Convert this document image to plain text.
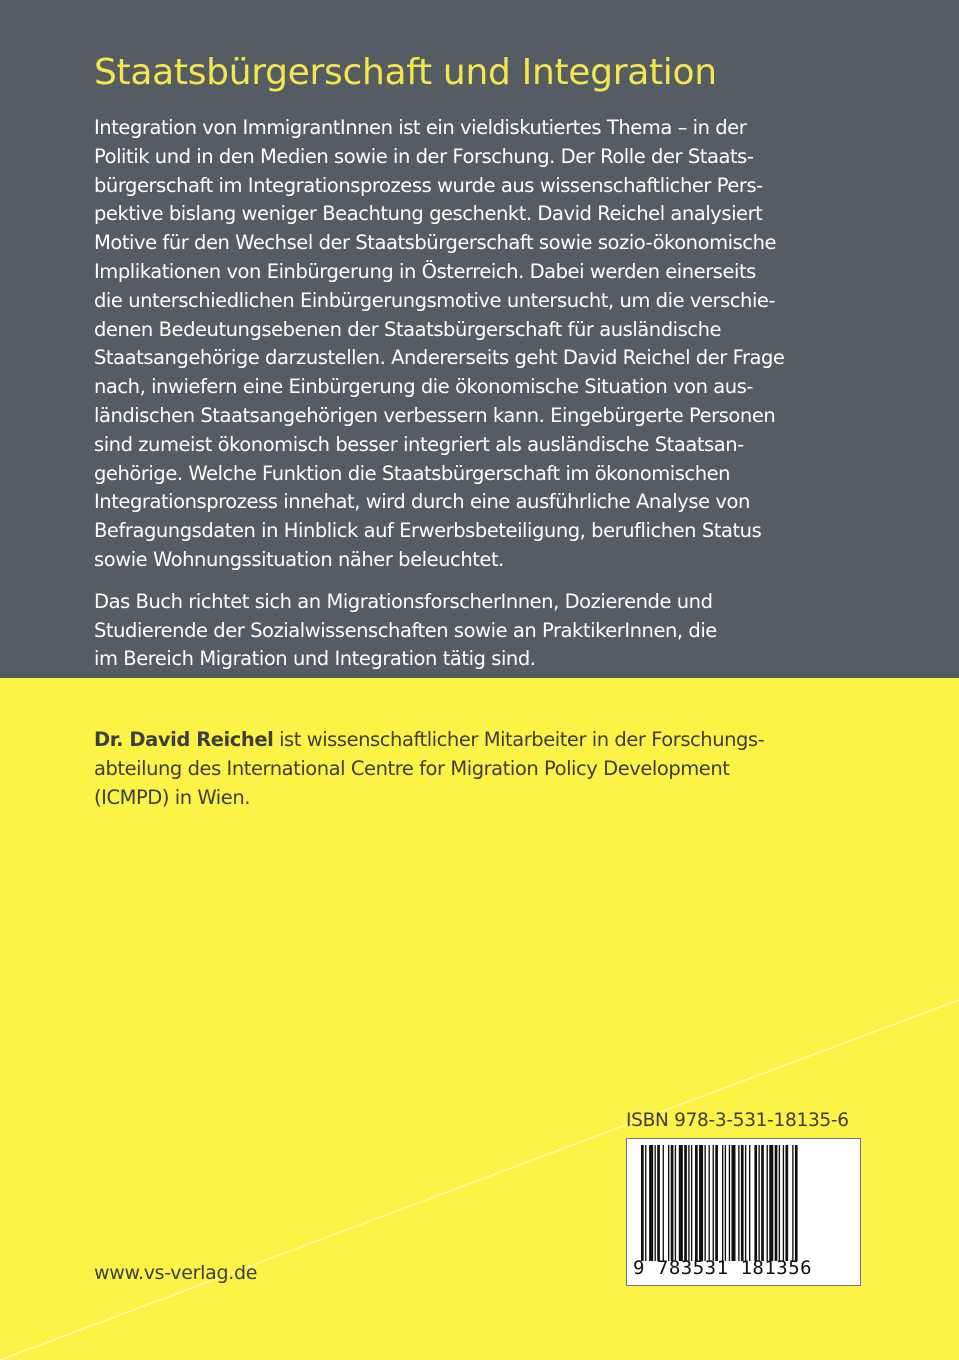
Staatsbürgerschaft und Integration
Integration von ImmigrantInnen ist ein vieldiskutiertes Thema – in der
Politik und in den Medien sowie in der Forschung. Der Rolle der Staats-
bürgerschaft im Integrationsprozess wurde aus wissenschaftlicher Pers-
pektive bislang weniger Beachtung geschenkt. David Reichel analysiert
Motive für den Wechsel der Staatsbürgerschaft sowie sozio-ökonomische
Implikationen von Einbürgerung in Österreich. Dabei werden einerseits
die unterschiedlichen Einbürgerungsmotive untersucht, um die verschie-
denen Bedeutungsebenen der Staatsbürgerschaft für ausländische
Staatsangehörige darzustellen. Andererseits geht David Reichel der Frage
nach, inwiefern eine Einbürgerung die ökonomische Situation von aus-
ländischen Staatsangehörigen verbessern kann. Eingebürgerte Personen
sind zumeist ökonomisch besser integriert als ausländische Staatsan-
gehörige. Welche Funktion die Staatsbürgerschaft im ökonomischen
Integrationsprozess innehat, wird durch eine ausführliche Analyse von
Befragungsdaten in Hinblick auf Erwerbsbeteiligung, beruflichen Status
sowie Wohnungssituation näher beleuchtet.
Das Buch richtet sich an MigrationsforscherInnen, Dozierende und
Studierende der Sozialwissenschaften sowie an PraktikerInnen, die
im Bereich Migration und Integration tätig sind.
Dr. David Reichel ist wissenschaftlicher Mitarbeiter in der Forschungs-
abteilung des International Centre for Migration Policy Development
(ICMPD) in Wien.

ISBN 978-3-531-18135-6

9 783531 181356

www.vs-verlag.de
